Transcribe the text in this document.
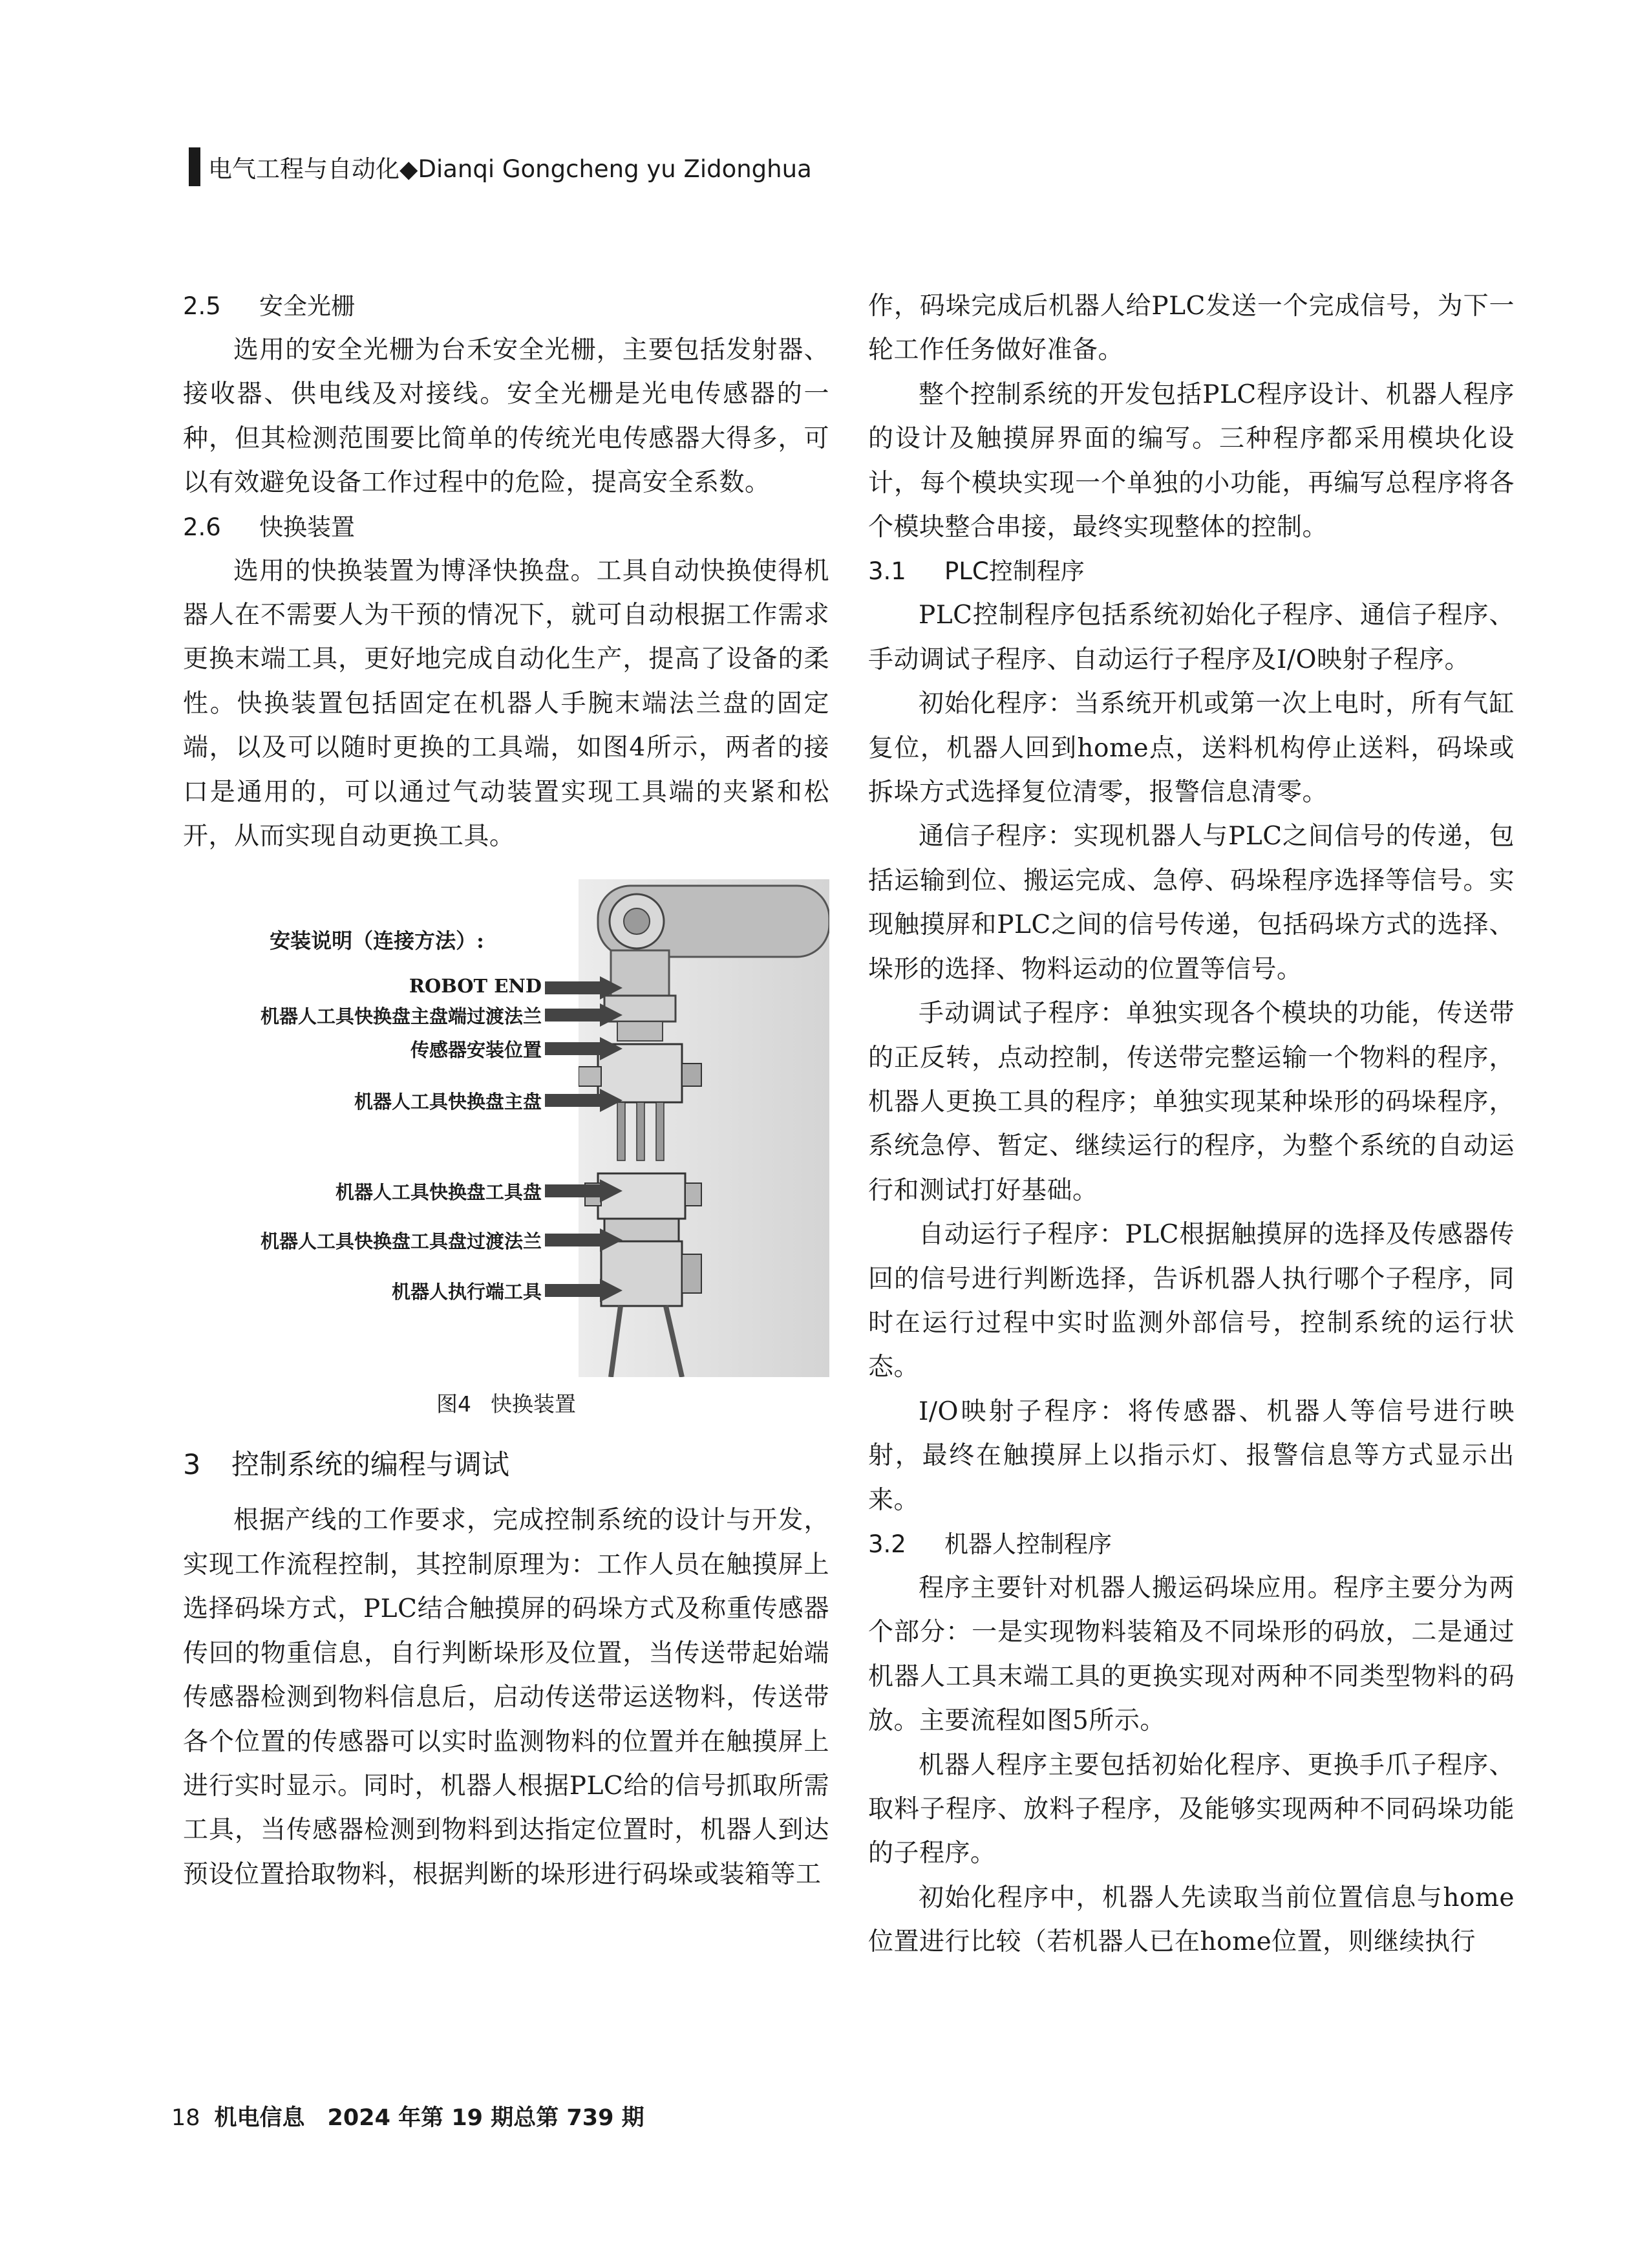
电气工程与自动化◆Dianqi Gongcheng yu Zidonghua
2.5 安全光栅

选用的安全光栅为台禾安全光栅，主要包括发射器、接收器、供电线及对接线。安全光栅是光电传感器的一种，但其检测范围要比简单的传统光电传感器大得多，可以有效避免设备工作过程中的危险，提高安全系数。

2.6 快换装置

选用的快换装置为博泽快换盘。工具自动快换使得机器人在不需要人为干预的情况下，就可自动根据工作需求更换末端工具，更好地完成自动化生产，提高了设备的柔性。快换装置包括固定在机器人手腕末端法兰盘的固定端，以及可以随时更换的工具端，如图4所示，两者的接口是通用的，可以通过气动装置实现工具端的夹紧和松开，从而实现自动更换工具。

安装说明（连接方法）:
ROBOT END
机器人工具快换盘主盘端过渡法兰
传感器安装位置
机器人工具快换盘主盘
机器人工具快换盘工具盘
机器人工具快换盘工具盘过渡法兰
机器人执行端工具
图4 快换装置
3 控制系统的编程与调试

根据产线的工作要求，完成控制系统的设计与开发，实现工作流程控制，其控制原理为：工作人员在触摸屏上选择码垛方式，PLC结合触摸屏的码垛方式及称重传感器传回的物重信息，自行判断垛形及位置，当传送带起始端传感器检测到物料信息后，启动传送带运送物料，传送带各个位置的传感器可以实时监测物料的位置并在触摸屏上进行实时显示。同时，机器人根据PLC给的信号抓取所需工具，当传感器检测到物料到达指定位置时，机器人到达预设位置拾取物料，根据判断的垛形进行码垛或装箱等工

作，码垛完成后机器人给PLC发送一个完成信号，为下一轮工作任务做好准备。

整个控制系统的开发包括PLC程序设计、机器人程序的设计及触摸屏界面的编写。三种程序都采用模块化设计，每个模块实现一个单独的小功能，再编写总程序将各个模块整合串接，最终实现整体的控制。

3.1 PLC控制程序

PLC控制程序包括系统初始化子程序、通信子程序、手动调试子程序、自动运行子程序及I/O映射子程序。

初始化程序：当系统开机或第一次上电时，所有气缸复位，机器人回到home点，送料机构停止送料，码垛或拆垛方式选择复位清零，报警信息清零。

通信子程序：实现机器人与PLC之间信号的传递，包括运输到位、搬运完成、急停、码垛程序选择等信号。实现触摸屏和PLC之间的信号传递，包括码垛方式的选择、垛形的选择、物料运动的位置等信号。

手动调试子程序：单独实现各个模块的功能，传送带的正反转，点动控制，传送带完整运输一个物料的程序，机器人更换工具的程序；单独实现某种垛形的码垛程序，系统急停、暂定、继续运行的程序，为整个系统的自动运行和测试打好基础。

自动运行子程序：PLC根据触摸屏的选择及传感器传回的信号进行判断选择，告诉机器人执行哪个子程序，同时在运行过程中实时监测外部信号，控制系统的运行状态。

I/O映射子程序：将传感器、机器人等信号进行映射，最终在触摸屏上以指示灯、报警信息等方式显示出来。

3.2 机器人控制程序

程序主要针对机器人搬运码垛应用。程序主要分为两个部分：一是实现物料装箱及不同垛形的码放，二是通过机器人工具末端工具的更换实现对两种不同类型物料的码放。主要流程如图5所示。

机器人程序主要包括初始化程序、更换手爪子程序、取料子程序、放料子程序，及能够实现两种不同码垛功能的子程序。

初始化程序中，机器人先读取当前位置信息与home位置进行比较（若机器人已在home位置，则继续执行

18 机电信息　2024 年第 19 期总第 739 期
